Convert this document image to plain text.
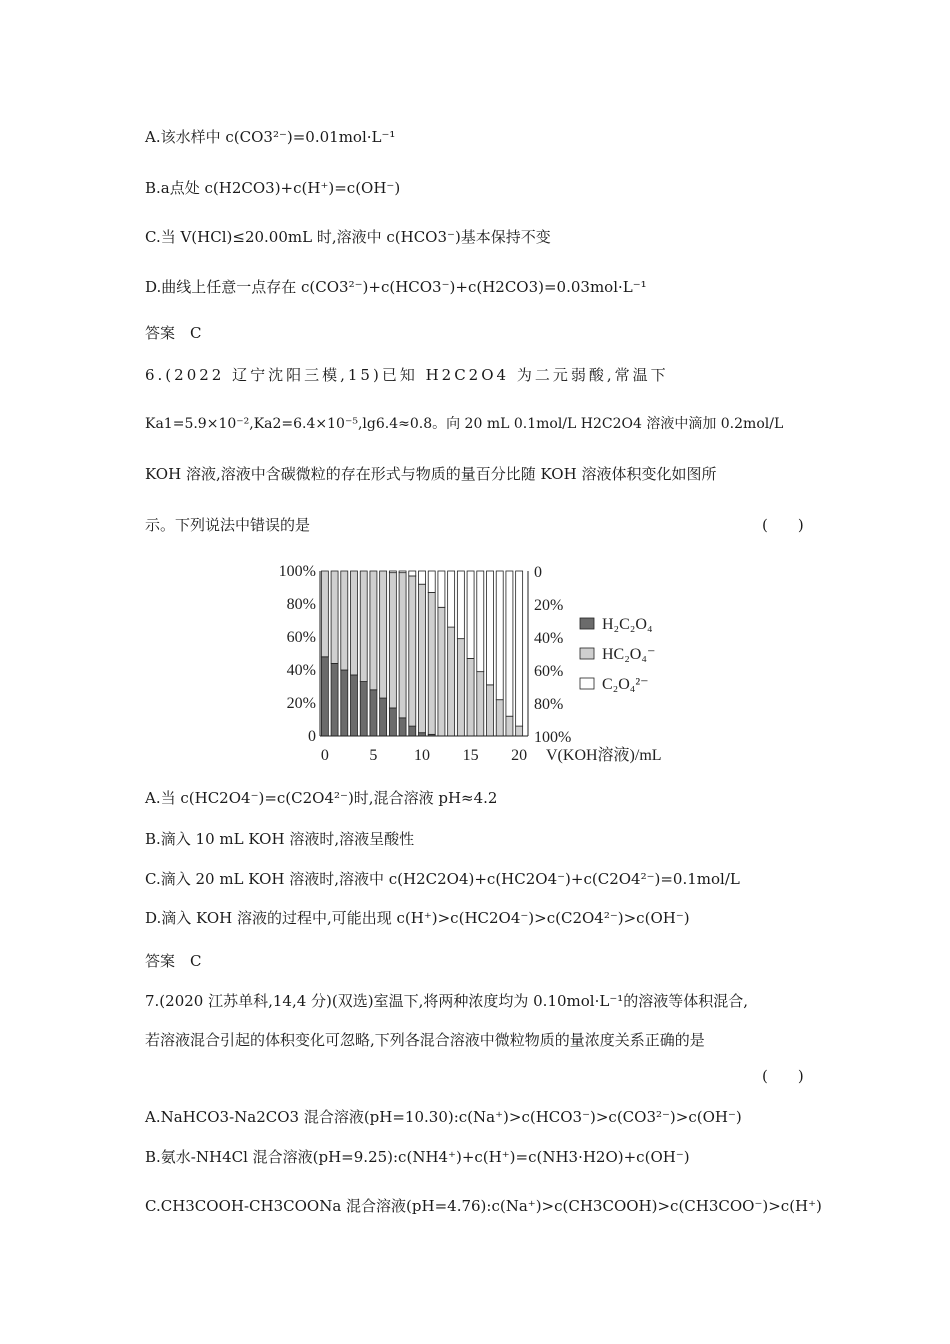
A.该水样中 c(CO3²⁻)=0.01mol·L⁻¹
B.a点处 c(H2CO3)+c(H⁺)=c(OH⁻)
C.当 V(HCl)≤20.00mL 时,溶液中 c(HCO3⁻)基本保持不变
D.曲线上任意一点存在 c(CO3²⁻)+c(HCO3⁻)+c(H2CO3)=0.03mol·L⁻¹
答案　C
6.(2022 辽宁沈阳三模,15)已知 H2C2O4 为二元弱酸,常温下
Ka1=5.9×10⁻²,Ka2=6.4×10⁻⁵,lg6.4≈0.8。向 20 mL 0.1mol/L H2C2O4 溶液中滴加 0.2mol/L
KOH 溶液,溶液中含碳微粒的存在形式与物质的量百分比随 KOH 溶液体积变化如图所
示。下列说法中错误的是	(　　)
100%
80%
60%
40%
20%
0
0
20%
40%
60%
80%
100%
0	5 10 15 20 V(KOH溶液)/mL
H₂C₂O₄
HC₂O₄⁻
C₂O₄²⁻
A.当 c(HC2O4⁻)=c(C2O4²⁻)时,混合溶液 pH≈4.2
B.滴入 10 mL KOH 溶液时,溶液呈酸性
C.滴入 20 mL KOH 溶液时,溶液中 c(H2C2O4)+c(HC2O4⁻)+c(C2O4²⁻)=0.1mol/L
D.滴入 KOH 溶液的过程中,可能出现 c(H⁺)>c(HC2O4⁻)>c(C2O4²⁻)>c(OH⁻)
答案　C
7.(2020 江苏单科,14,4 分)(双选)室温下,将两种浓度均为 0.10mol·L⁻¹的溶液等体积混合,
若溶液混合引起的体积变化可忽略,下列各混合溶液中微粒物质的量浓度关系正确的是
(　　)
A.NaHCO3-Na2CO3 混合溶液(pH=10.30):c(Na⁺)>c(HCO3⁻)>c(CO3²⁻)>c(OH⁻)
B.氨水-NH4Cl 混合溶液(pH=9.25):c(NH4⁺)+c(H⁺)=c(NH3·H2O)+c(OH⁻)
C.CH3COOH-CH3COONa 混合溶液(pH=4.76):c(Na⁺)>c(CH3COOH)>c(CH3COO⁻)>c(H⁺)
